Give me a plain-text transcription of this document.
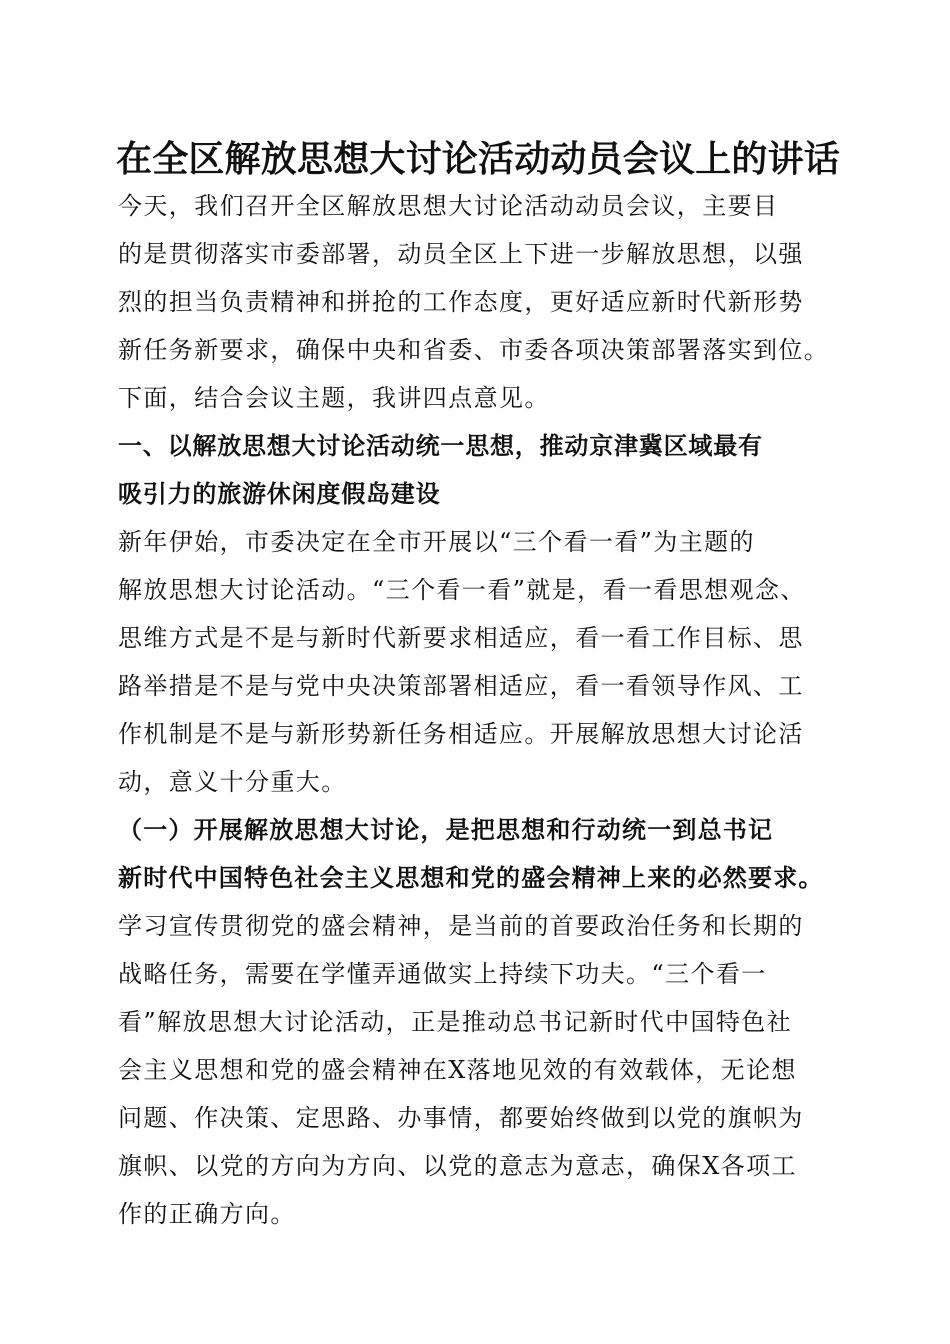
在全区解放思想大讨论活动动员会议上的讲话
今天，我们召开全区解放思想大讨论活动动员会议，主要目
的是贯彻落实市委部署，动员全区上下进一步解放思想，以强
烈的担当负责精神和拼抢的工作态度，更好适应新时代新形势
新任务新要求，确保中央和省委、市委各项决策部署落实到位。
下面，结合会议主题，我讲四点意见。
一、以解放思想大讨论活动统一思想，推动京津冀区域最有
吸引力的旅游休闲度假岛建设
新年伊始，市委决定在全市开展以“三个看一看”为主题的
解放思想大讨论活动。“三个看一看”就是，看一看思想观念、
思维方式是不是与新时代新要求相适应，看一看工作目标、思
路举措是不是与党中央决策部署相适应，看一看领导作风、工
作机制是不是与新形势新任务相适应。开展解放思想大讨论活
动，意义十分重大。
（一）开展解放思想大讨论，是把思想和行动统一到总书记
新时代中国特色社会主义思想和党的盛会精神上来的必然要求。
学习宣传贯彻党的盛会精神，是当前的首要政治任务和长期的
战略任务，需要在学懂弄通做实上持续下功夫。“三个看一
看”解放思想大讨论活动，正是推动总书记新时代中国特色社
会主义思想和党的盛会精神在X落地见效的有效载体，无论想
问题、作决策、定思路、办事情，都要始终做到以党的旗帜为
旗帜、以党的方向为方向、以党的意志为意志，确保X各项工
作的正确方向。
